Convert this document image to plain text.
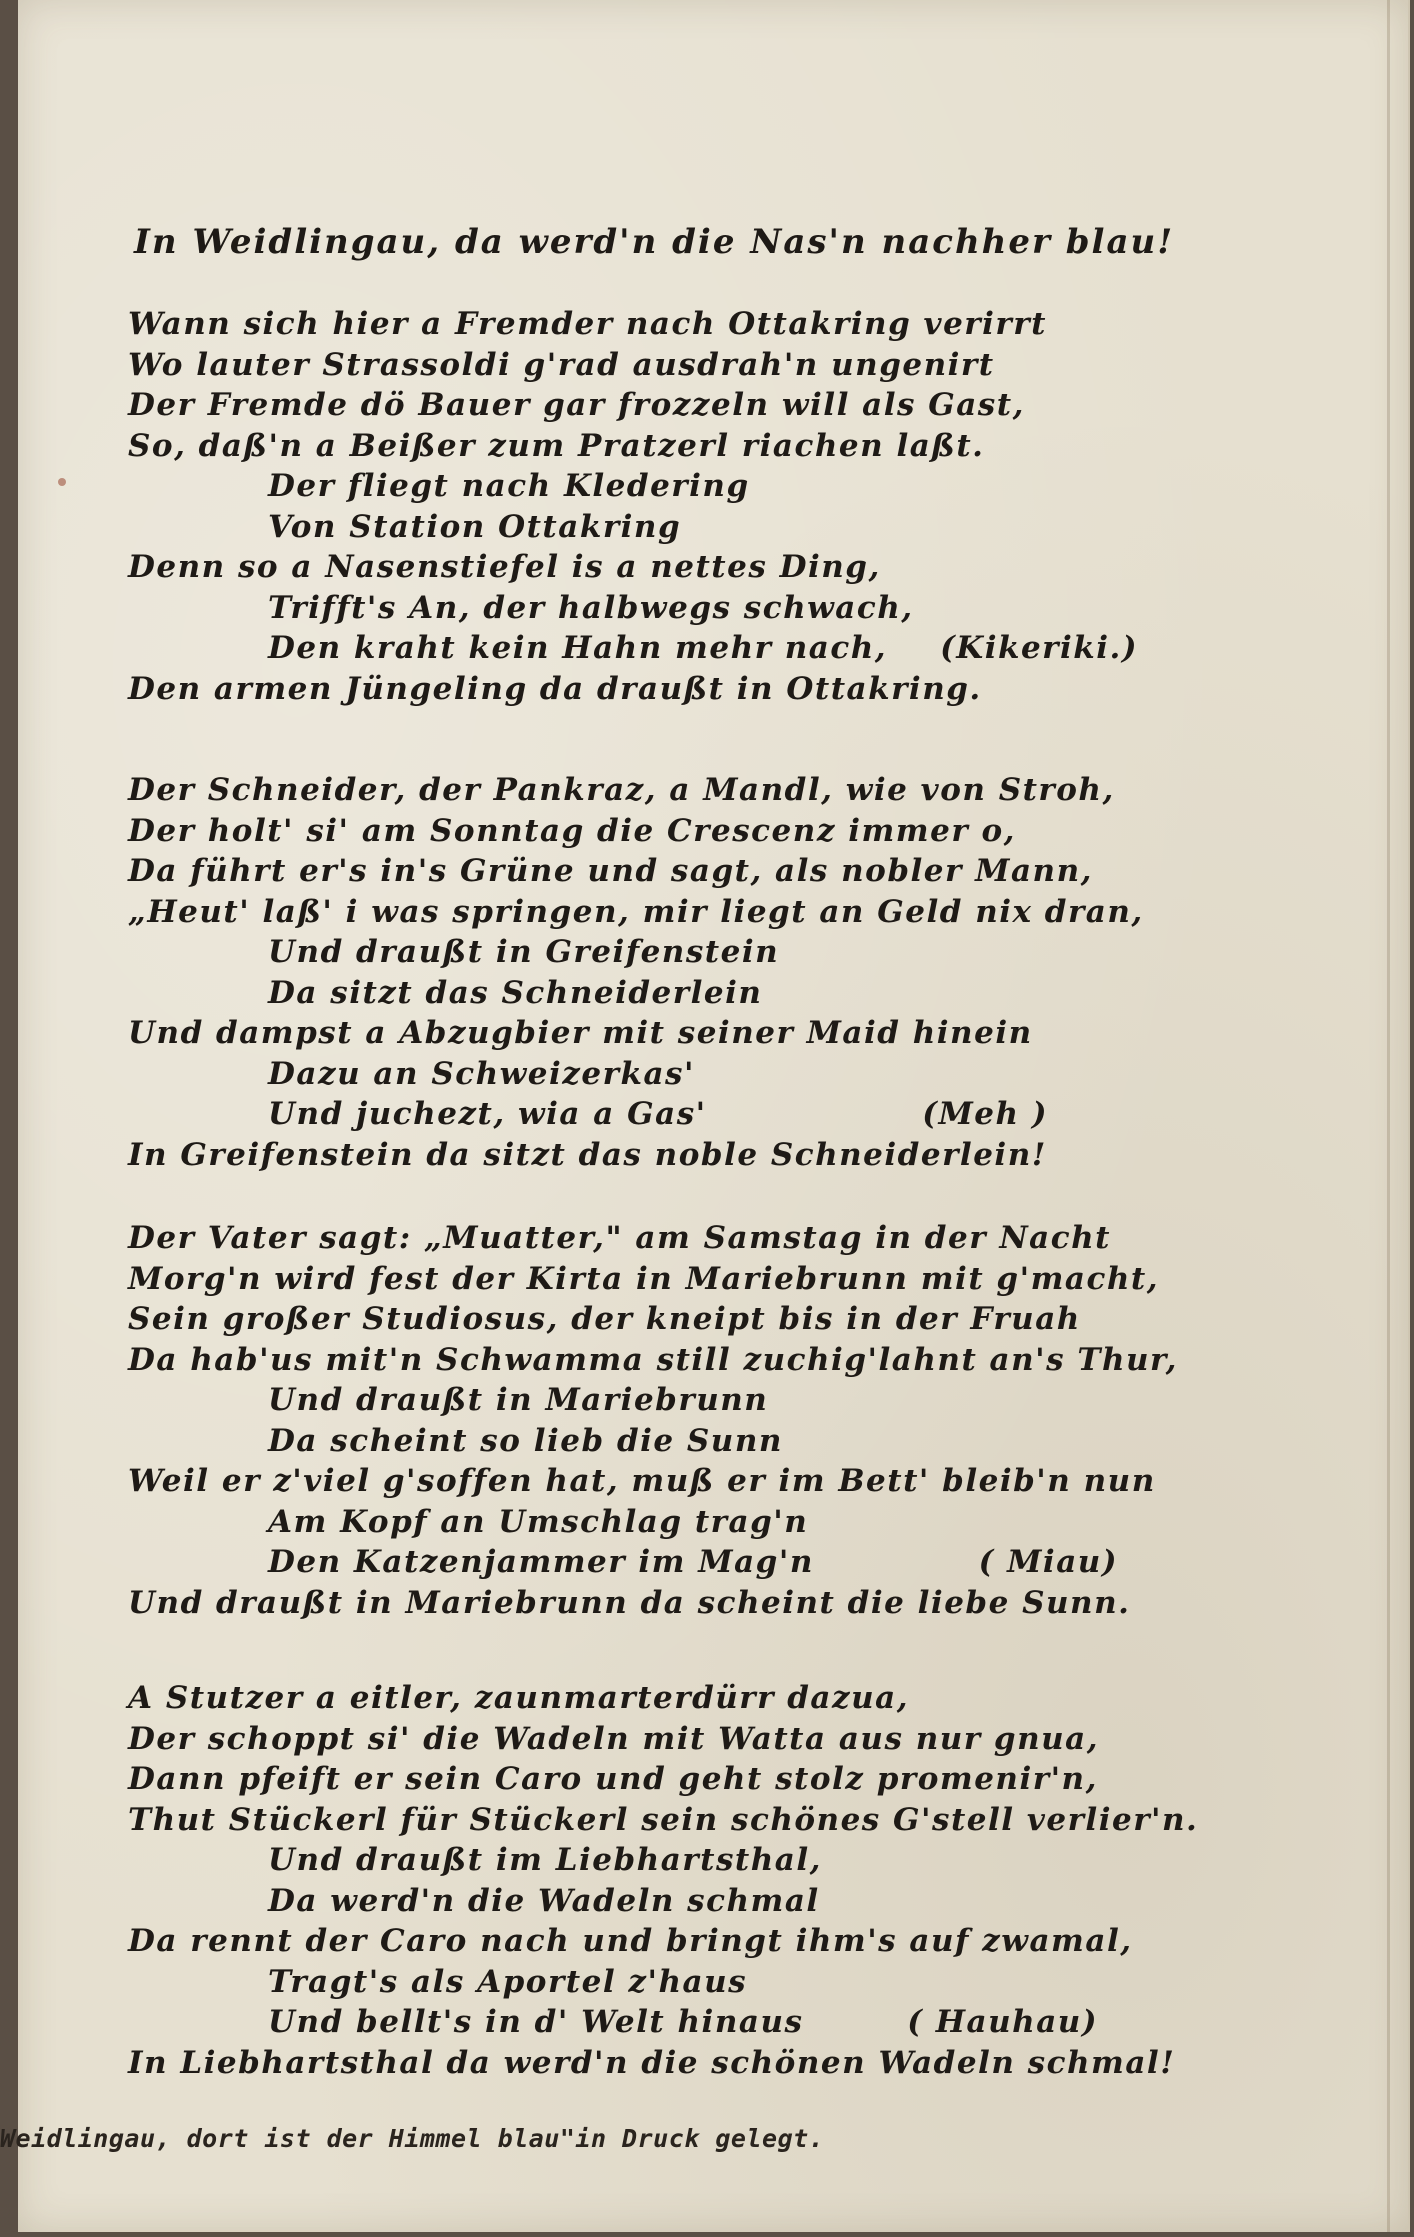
In Weidlingau, da werd'n die Nas'n nachher blau!
Wann sich hier a Fremder nach Ottakring verirrt
Wo lauter Strassoldi g'rad ausdrah'n ungenirt
Der Fremde dö Bauer gar frozzeln will als Gast,
So, daß'n a Beißer zum Pratzerl riachen laßt.
Der fliegt nach Kledering
Von Station Ottakring
Denn so a Nasenstiefel is a nettes Ding,
Trifft's An, der halbwegs schwach,
Den kraht kein Hahn mehr nach, (Kikeriki.)
Den armen Jüngeling da draußt in Ottakring.
Der Schneider, der Pankraz, a Mandl, wie von Stroh,
Der holt' si' am Sonntag die Crescenz immer o,
Da führt er's in's Grüne und sagt, als nobler Mann,
„Heut' laß' i was springen, mir liegt an Geld nix dran,
Und draußt in Greifenstein
Da sitzt das Schneiderlein
Und dampst a Abzugbier mit seiner Maid hinein
Dazu an Schweizerkas'
Und juchezt, wia a Gas'	(Meh )
In Greifenstein da sitzt das noble Schneiderlein!
Der Vater sagt: „Muatter," am Samstag in der Nacht
Morg'n wird fest der Kirta in Mariebrunn mit g'macht,
Sein großer Studiosus, der kneipt bis in der Fruah
Da hab'us mit'n Schwamma still zuchig'lahnt an's Thur,
Und draußt in Mariebrunn
Da scheint so lieb die Sunn
Weil er z'viel g'soffen hat, muß er im Bett' bleib'n nun
Am Kopf an Umschlag trag'n
Den Katzenjammer im Mag'n	( Miau)
Und draußt in Mariebrunn da scheint die liebe Sunn.
A Stutzer a eitler, zaunmarterdürr dazua,
Der schoppt si' die Wadeln mit Watta aus nur gnua,
Dann pfeift er sein Caro und geht stolz promenir'n,
Thut Stückerl für Stückerl sein schönes G'stell verlier'n.
Und draußt im Liebhartsthal,
Da werd'n die Wadeln schmal
Da rennt der Caro nach und bringt ihm's auf zwamal,
Tragt's als Aportel z'haus
Und bellt's in d' Welt hinaus	( Hauhau)
In Liebhartsthal da werd'n die schönen Wadeln schmal!
Weidlingau, dort ist der Himmel blau"in Druck gelegt.
